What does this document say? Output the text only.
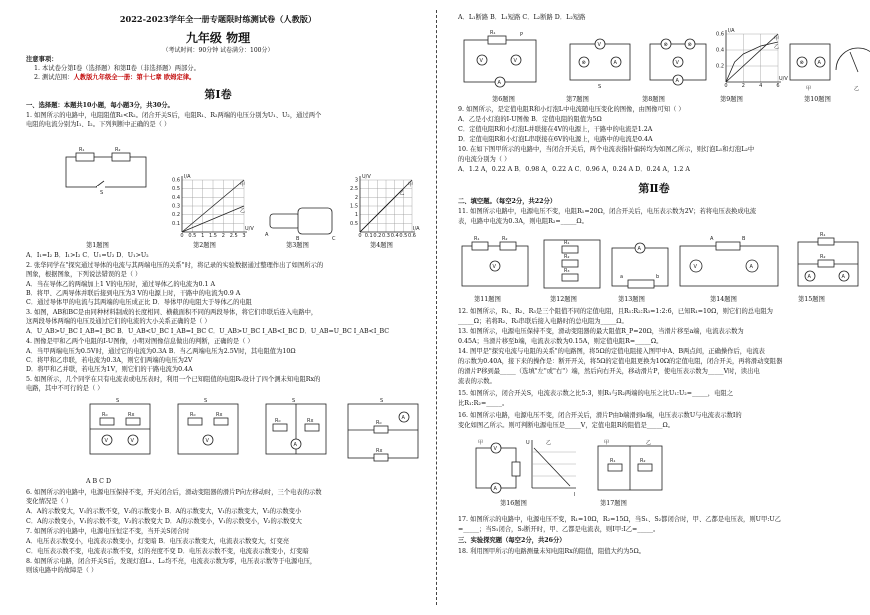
2022-2023学年全一册专题限时练测试卷（人教版）
九年级 物理
（考试时间：90分钟 试卷满分：100分）
注意事项：
1. 本试卷分第Ⅰ卷（选择题）和第Ⅱ卷（非选择题）两部分。
2. 测试范围：人教版九年级全一册：第十七章 欧姆定律。
第Ⅰ卷
一、选择题：本题共10小题，每小题3分，共30分。
1. 如图所示的电路中，电阻阻值R₁<R₂。闭合开关S后，电阻R₁、R₂两端的电压分别为U₁、U₂，通过两个
电阻的电流分别为I₁、I₂。下列判断中正确的是（ ）
R₁	R₂
S
第1题图
0.1
0.2
0.3
0.4
0.5
0.6
0 0.5 1 1.5 2 2.5 3
I/A
U/V
甲
乙
第2题图
A
B	C
第3题图
0.5
1
1.5
2
2.5
3
0 0.1 0.2 0.3 0.4 0.5 0.6
U/V
I/A
甲
乙
第4题图
A．I₁=I₂ B．I₁>I₂ C．U₁=U₂ D．U₁>U₂
2. 张华同学在"探究通过导体的电流与其两端电压的关系"时，将记录的实验数据通过整理作出了如图所示的
图象，根据图象，下列说法错误的是（ ）
A．当在导体乙的两端加上1 V的电压时，通过导体乙的电流为0.1 A
B．将甲、乙两导体并联后接到电压为3 V的电源上时，干路中的电流为0.9 A
C．通过导体甲的电流与其两端的电压成正比 D．导体甲的电阻大于导体乙的电阻
3. 如图，AB和BC是由同种材料制成的长度相同、横截面积不同的两段导体，将它们串联后连入电路中，
这两段导体两端的电压及通过它们的电流的大小关系正确的是（ ）
A．U_AB>U_BC I_AB=I_BC B．U_AB<U_BC I_AB=I_BC C．U_AB>U_BC I_AB<I_BC D．U_AB=U_BC I_AB<I_BC
4. 图像是甲和乙两个电阻的I-U图像，小明对图像信息做出的判断，正确的是（ ）
A．当甲两端电压为0.5V时，通过它的电流为0.3A B．当乙两端电压为2.5V时，其电阻值为10Ω
C．将甲和乙串联，若电流为0.3A，则它们两端的电压为2V
D．将甲和乙并联，若电压为1V，则它们的干路电流为0.4A
5. 如图所示，几个同学在只有电流表或电压表时，利用一个已知阻值的电阻R₀设计了四个测未知电阻Rx的
电路，其中不可行的是（ ）
R₀	Rx
V	V
S
R₀	Rx
V
S
R₀	Rx
A
S
R₀
Rx
A
S
A B C D
6. 如图所示的电路中，电源电压保持不变，开关闭合后，滑动变阻器的滑片P向左移动时，三个电表的示数
变化情况是（ ）
A．A的示数变大，V₁的示数不变，V₂的示数变小 B．A的示数变大，V₁的示数变大，V₂的示数变小
C．A的示数变小，V₁的示数不变，V₂的示数变大 D．A的示数变小，V₁的示数变小，V₂的示数变大
7. 如图所示的电路中，电源电压恒定不变，当开关S闭合时
A．电压表示数变小，电流表示数变小，灯变暗 B．电压表示数变大，电流表示数变大，灯变亮
C．电压表示数不变，电流表示数不变，灯的亮度不变 D．电压表示数不变，电流表示数变小，灯变暗
8. 如图所示电路，闭合开关S后，发现灯泡L₁、L₂均不亮，电流表示数为零，电压表示数等于电源电压，
则该电路中的故障是（ ）
A．L₁断路 B．L₁短路 C．L₂断路 D．L₂短路
V	V
A
R₁	P
V
⊗	A
S
⊗	⊗
V
A
⊗	A
甲	乙
0.2
0.4
0.6
0	2	4	6
I/A
U/V
甲
乙
第6题图	第7题图	第8题图	第9题图	第10题图
9. 如图所示，是定值电阻R和小灯泡L中电流随电压变化的图像，由图像可知（ ）
A．乙是小灯泡的I-U图像 B．定值电阻的阻值为5Ω
C．定值电阻R和小灯泡L并联接在4V的电源上，干路中的电流是1.2A
D．定值电阻R和小灯泡L串联接在6V的电源上，电路中的电流是0.4A
10. 在如下图甲所示的电路中，当闭合开关后，两个电流表指针偏转均为如图乙所示，则灯泡L₁和灯泡L₂中
的电流分别为（ ）
A．1.2 A，0.22 A B．0.98 A，0.22 A C．0.96 A，0.24 A D．0.24 A，1.2 A
第Ⅱ卷
二、填空题。（每空2分，共22分）
11. 如图所示电路中，电源电压不变，电阻R₁=20Ω，闭合开关后，电压表示数为2V；若将电压表换成电流
表，电路中电流为0.3A，则电阻R₂=_____Ω。
R₁	R₂
V
R₁
R₂
R₃
A
a	b
V	A
A	B
R₁
R₂
A	A
第11题图	第12题图	第13题图	第14题图	第15题图
12. 如图所示，R₁、R₂、R₃是三个阻值不同的定值电阻，且R₁:R₂:R₃=1:2:6，已知R₁=10Ω，则它们的总电阻为
_____Ω；若将R₂、R₃串联后接入电路时的总电阻为_____Ω。
13. 如图所示，电源电压保持不变，滑动变阻器的最大阻值R_P=20Ω，当滑片移至a端，电流表示数为
0.45A；当滑片移至b端，电流表示数为0.15A，则定值电阻R=_____Ω。
14. 图甲是"探究电流与电阻的关系"的电路图，将5Ω的定值电阻接入图甲中A、B两点间，正确操作后，电流表
的示数为0.40A，接下来的操作是：断开开关，将5Ω的定值电阻更换为10Ω的定值电阻，闭合开关，再将滑动变阻器
的滑片P移到最_____（选填"左"或"右"）端，然后向右开关，移动滑片P，使电压表示数为_____V时，读出电
流表的示数。
15. 如图所示，闭合开关S，电流表示数之比5:3，则R₁与R₂两端的电压之比U₁:U₂=_____，电阻之
比R₁:R₂=_____。
16. 如图所示电路，电源电压不变，闭合开关后，滑片P由b端滑到a端，电压表示数U与电流表示数I的
变化如图乙所示。则可判断电源电压是_____V，定值电阻R的阻值是_____Ω。
V
A
甲	U
I
乙
R₁	R₂
甲	乙
第16题图	第17题图
17. 如图所示的电路中，电源电压不变，R₁=10Ω，R₂=15Ω，当S₁、S₂都闭合时，甲、乙都是电压表，则U甲:U乙
=_____；当S₁闭合，S₂断开时，甲、乙都是电流表，则I甲:I乙=_____。
三、实验探究题（每空2分，共26分）
18. 利用图甲所示的电路测量未知电阻Rx的阻值，阻值大约为5Ω。
